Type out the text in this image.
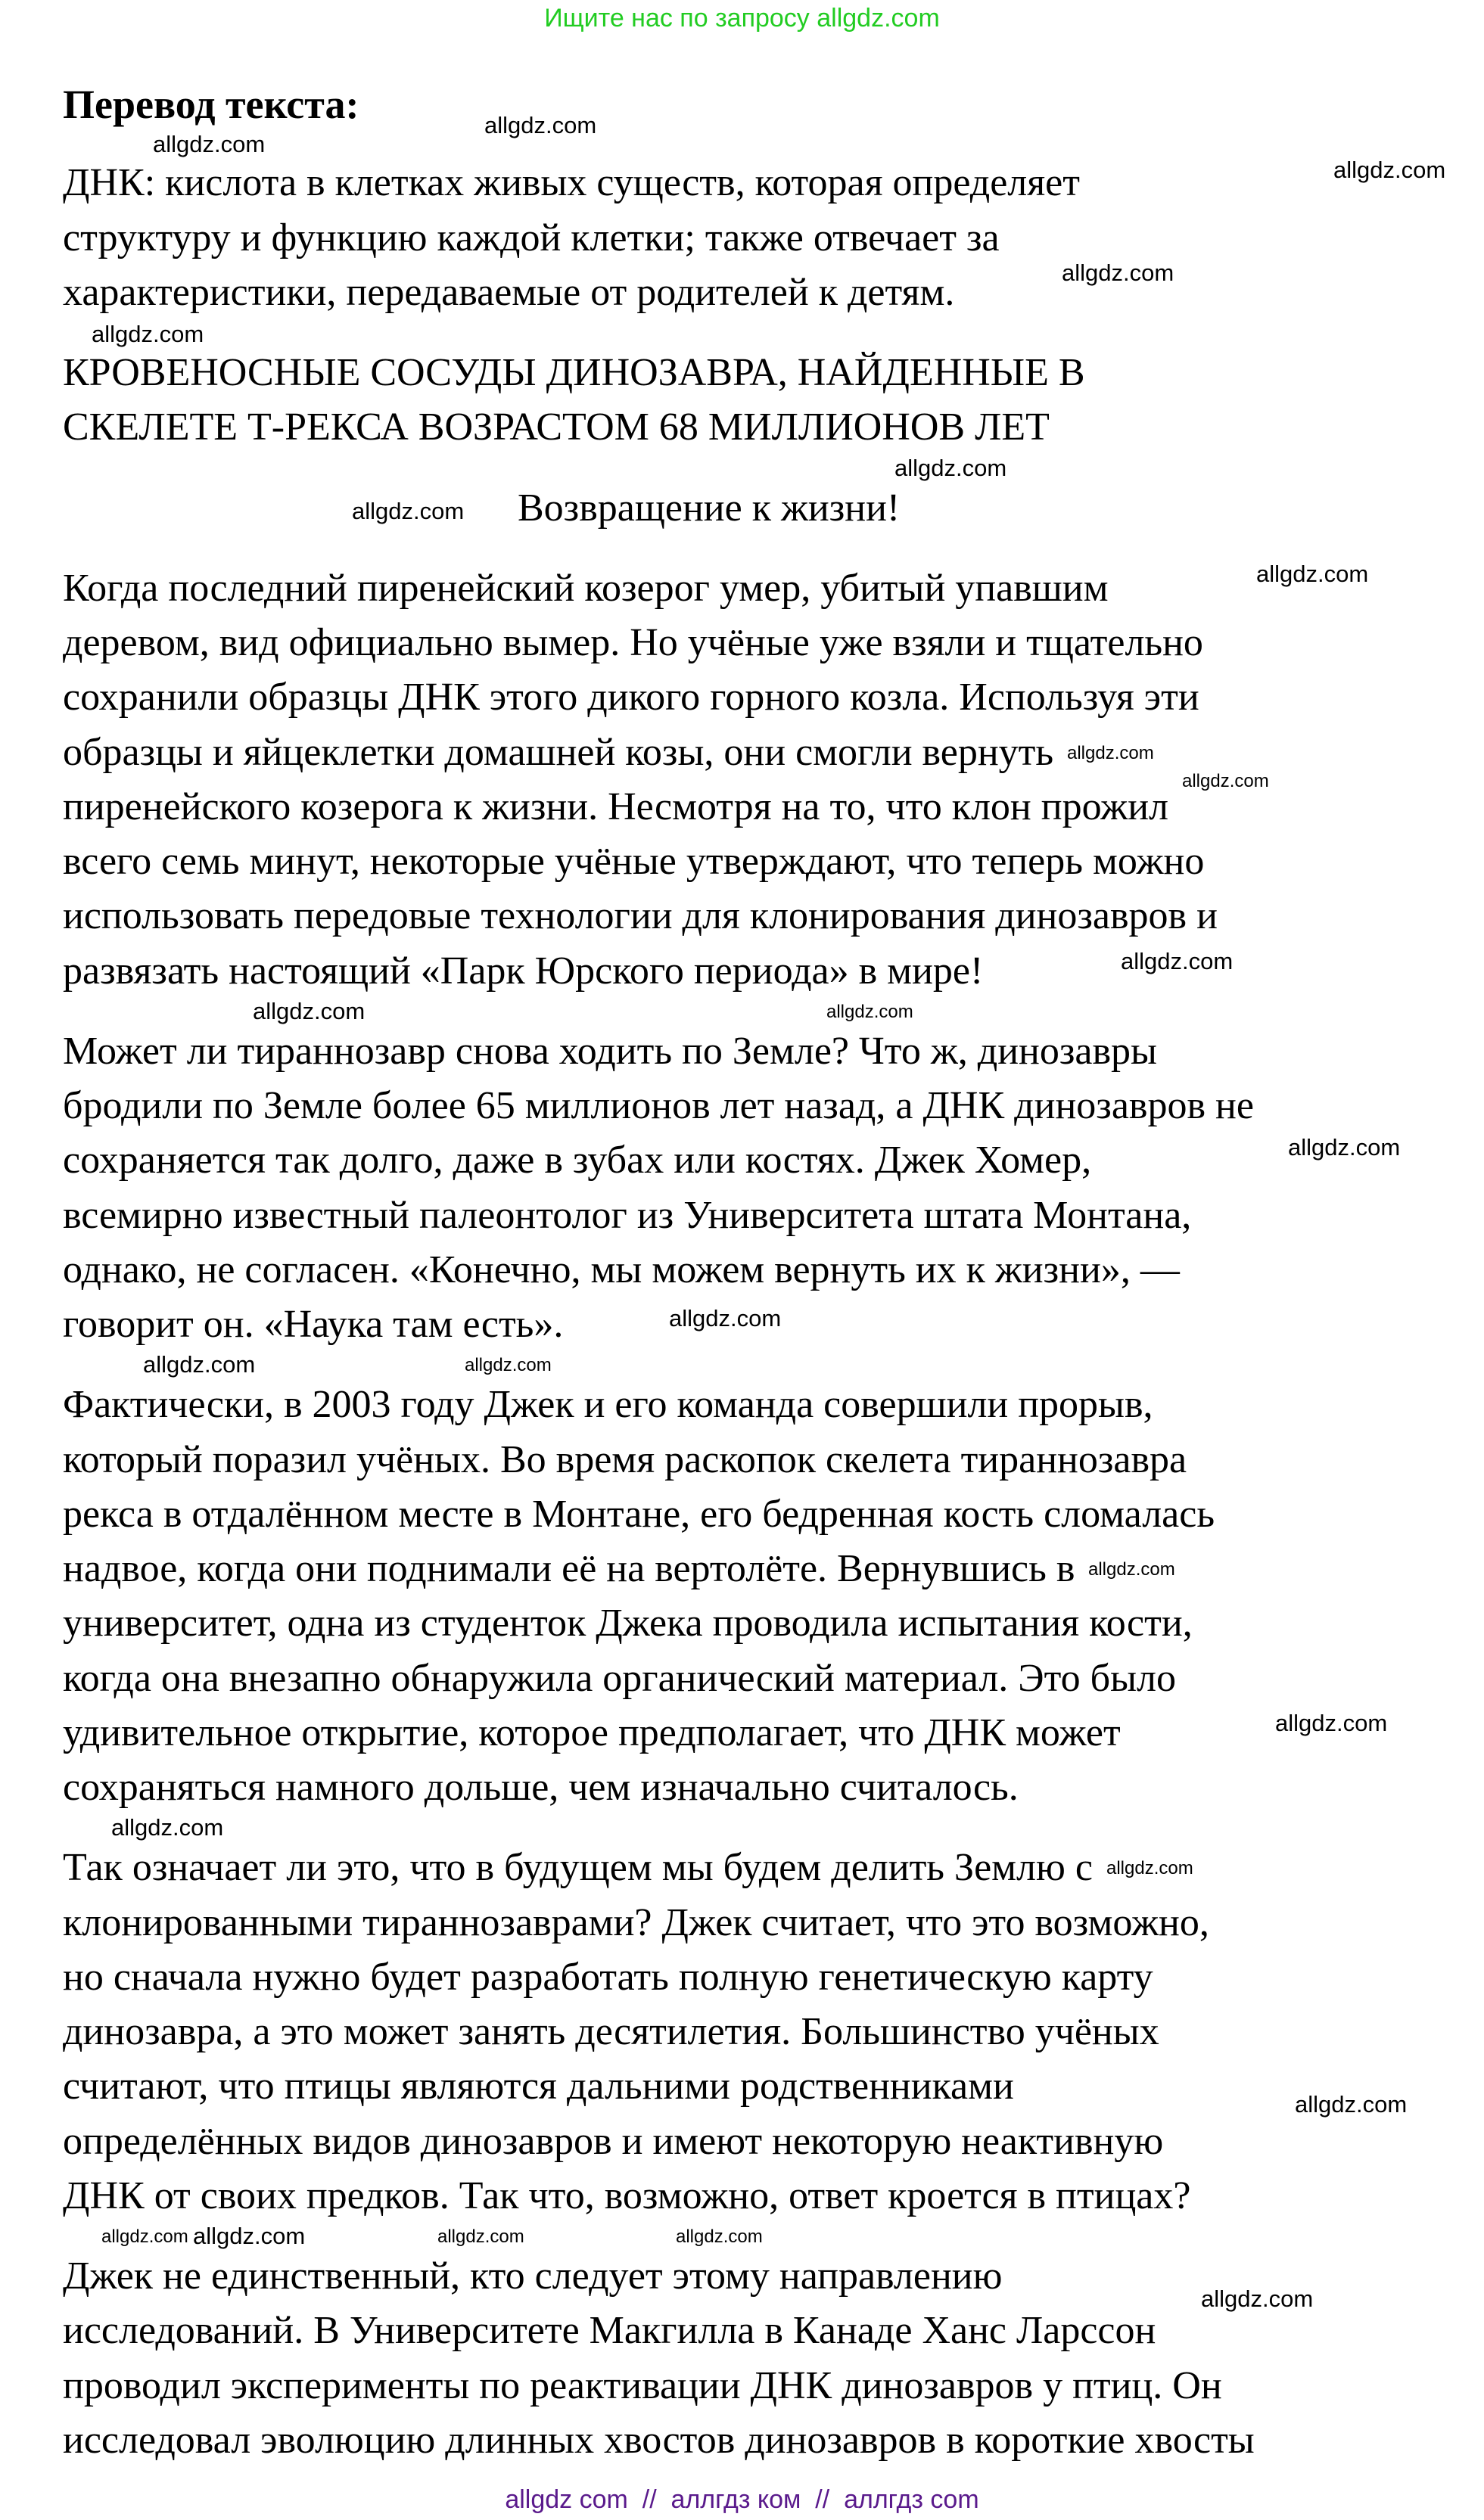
Ищите нас по запросу allgdz.com
Перевод текста:
ДНК: кислота в клетках живых существ, которая определяет
структуру и функцию каждой клетки; также отвечает за
характеристики, передаваемые от родителей к детям.
КРОВЕНОСНЫЕ СОСУДЫ ДИНОЗАВРА, НАЙДЕННЫЕ В
СКЕЛЕТЕ Т-РЕКСА ВОЗРАСТОМ 68 МИЛЛИОНОВ ЛЕТ
Возвращение к жизни!
Когда последний пиренейский козерог умер, убитый упавшим
деревом, вид официально вымер. Но учёные уже взяли и тщательно
сохранили образцы ДНК этого дикого горного козла. Используя эти
образцы и яйцеклетки домашней козы, они смогли вернуть
пиренейского козерога к жизни. Несмотря на то, что клон прожил
всего семь минут, некоторые учёные утверждают, что теперь можно
использовать передовые технологии для клонирования динозавров и
развязать настоящий «Парк Юрского периода» в мире!
Может ли тираннозавр снова ходить по Земле? Что ж, динозавры
бродили по Земле более 65 миллионов лет назад, а ДНК динозавров не
сохраняется так долго, даже в зубах или костях. Джек Хомер,
всемирно известный палеонтолог из Университета штата Монтана,
однако, не согласен. «Конечно, мы можем вернуть их к жизни», —
говорит он. «Наука там есть».
Фактически, в 2003 году Джек и его команда совершили прорыв,
который поразил учёных. Во время раскопок скелета тираннозавра
рекса в отдалённом месте в Монтане, его бедренная кость сломалась
надвое, когда они поднимали её на вертолёте. Вернувшись в
университет, одна из студенток Джека проводила испытания кости,
когда она внезапно обнаружила органический материал. Это было
удивительное открытие, которое предполагает, что ДНК может
сохраняться намного дольше, чем изначально считалось.
Так означает ли это, что в будущем мы будем делить Землю с
клонированными тираннозаврами? Джек считает, что это возможно,
но сначала нужно будет разработать полную генетическую карту
динозавра, а это может занять десятилетия. Большинство учёных
считают, что птицы являются дальними родственниками
определённых видов динозавров и имеют некоторую неактивную
ДНК от своих предков. Так что, возможно, ответ кроется в птицах?
Джек не единственный, кто следует этому направлению
исследований. В Университете Макгилла в Канаде Ханс Ларссон
проводил эксперименты по реактивации ДНК динозавров у птиц. Он
исследовал эволюцию длинных хвостов динозавров в короткие хвосты
allgdz.com
allgdz.com
allgdz.com
allgdz.com
allgdz.com
allgdz.com
allgdz.com
allgdz.com
allgdz.com
allgdz.com
allgdz.com
allgdz.com	allgdz.com
allgdz.com
allgdz.com
allgdz.com	allgdz.com
allgdz.com
allgdz.com
allgdz.com
allgdz.com
allgdz.com
allgdz.com
allgdz.com
allgdz.com
allgdz.com
allgdz.com
allgdz com  //  аллгдз ком  //  аллгдз com
